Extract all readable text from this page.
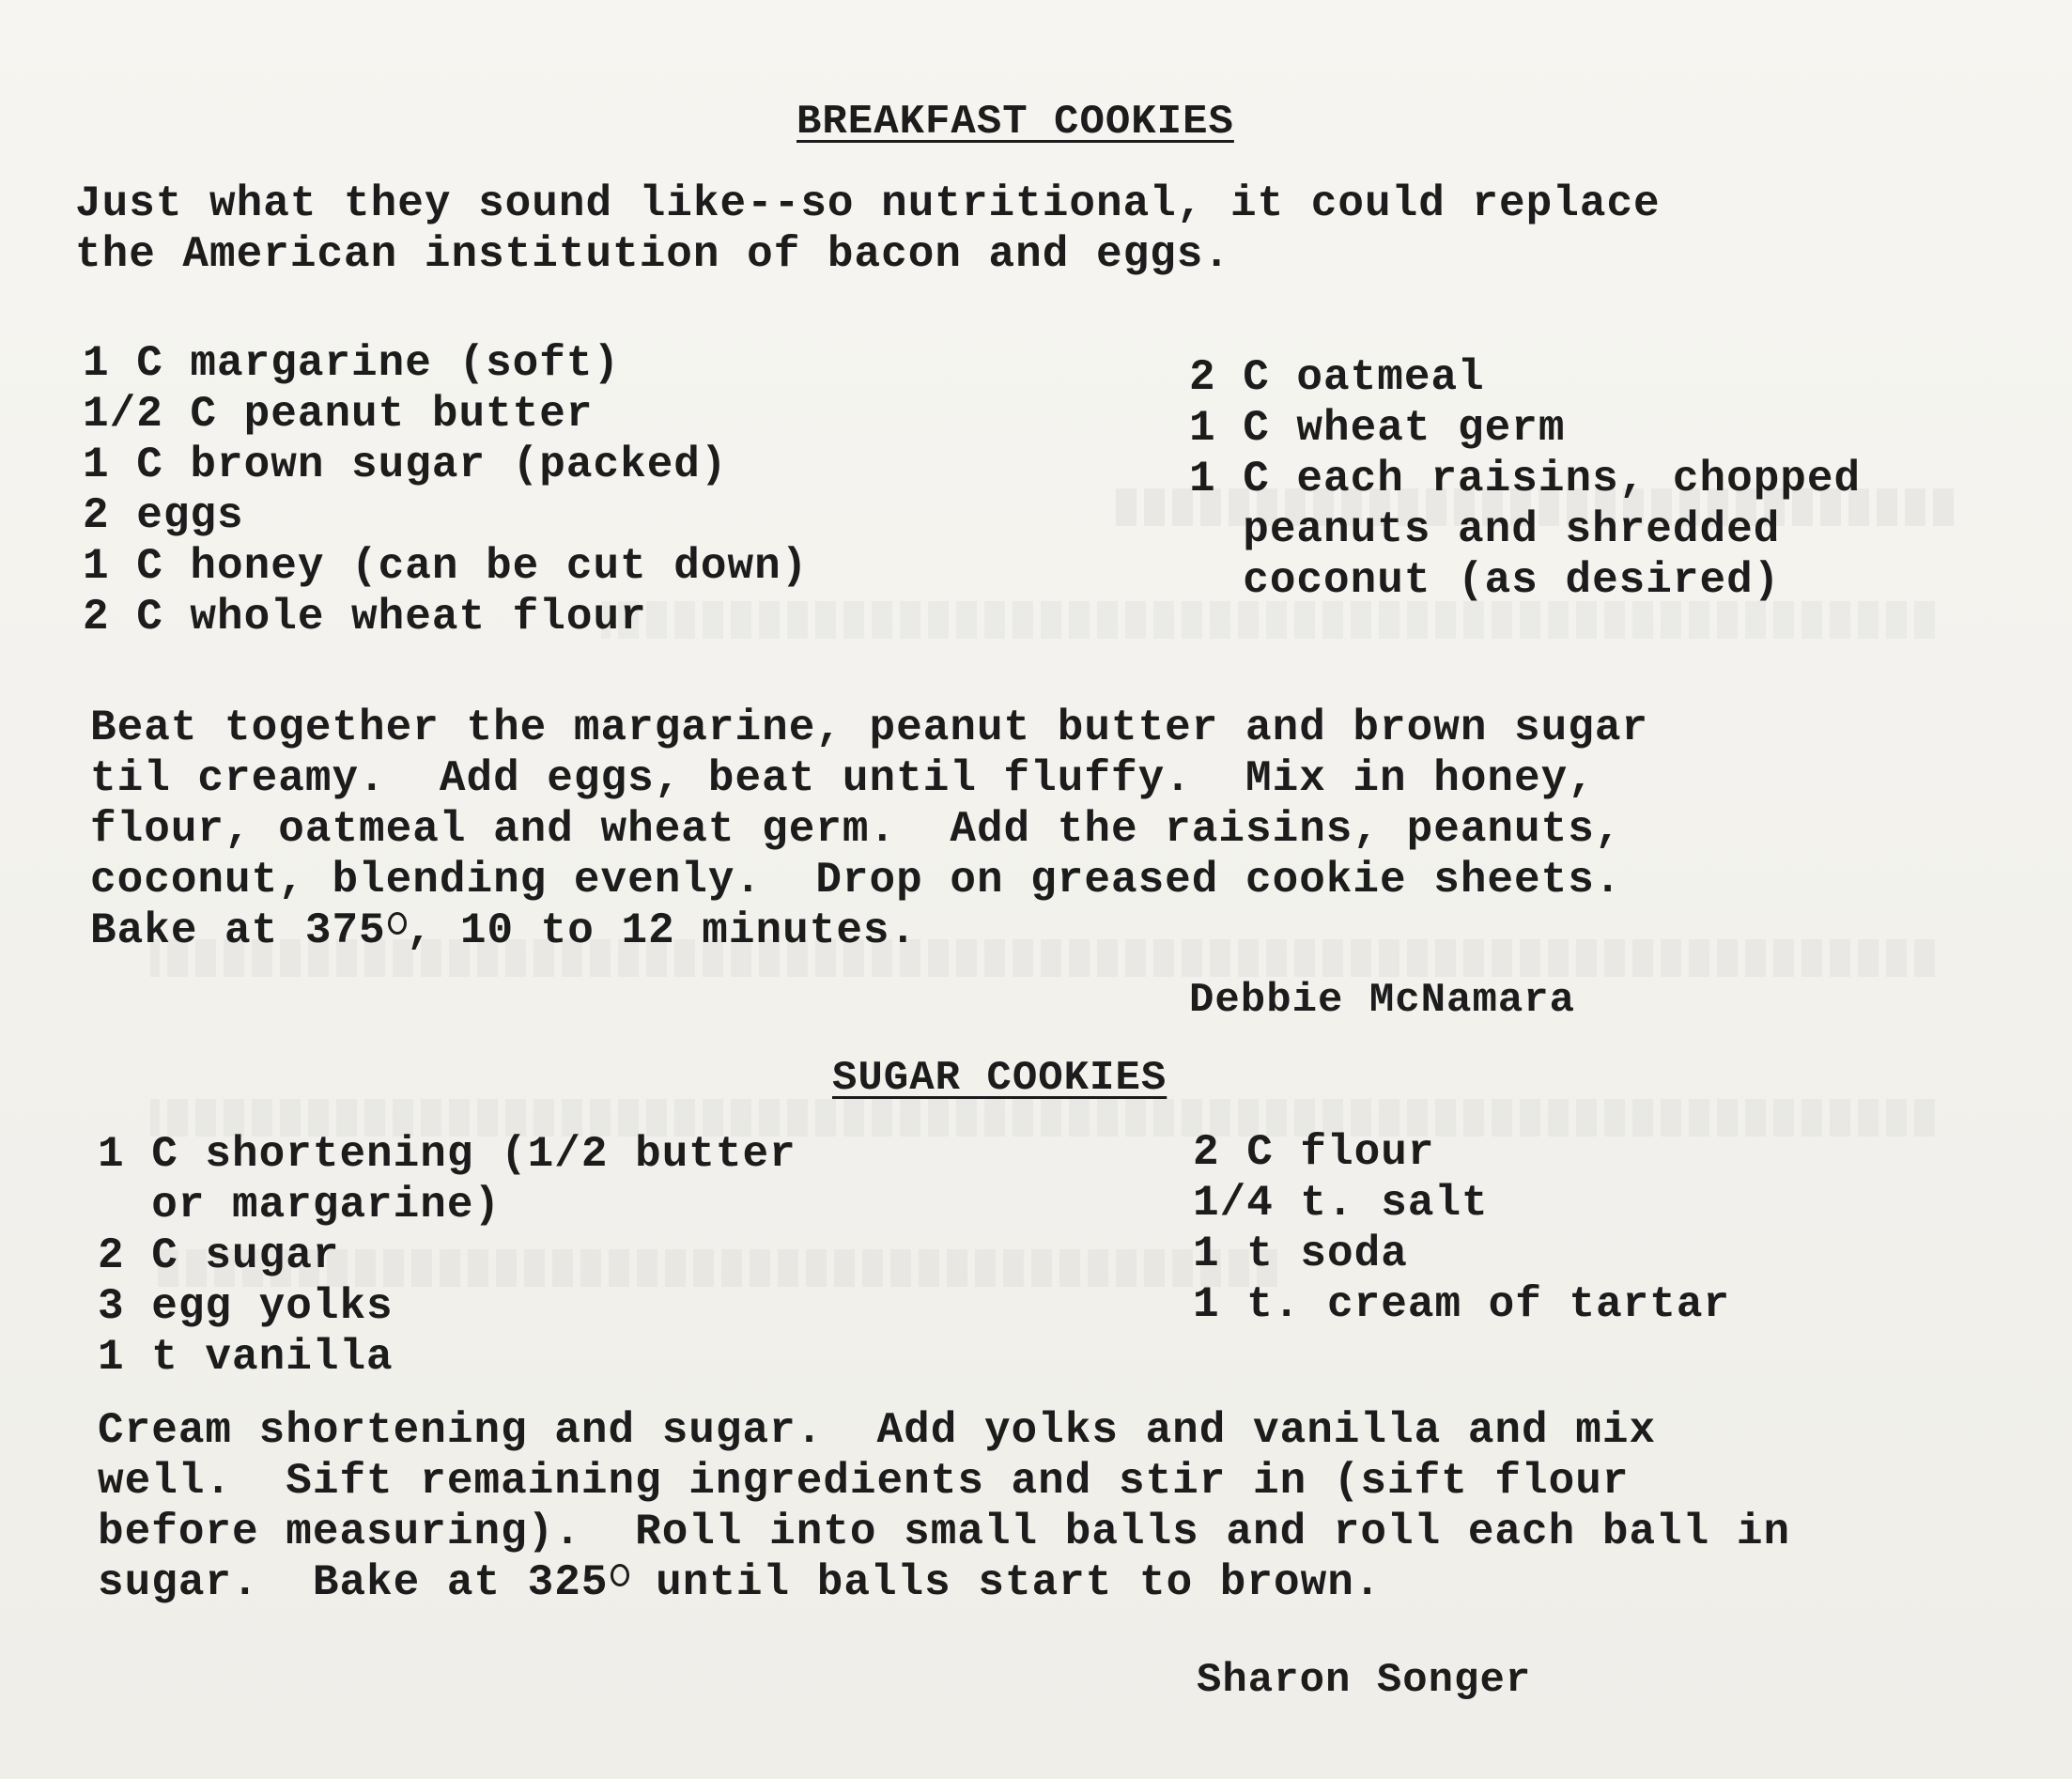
BREAKFAST COOKIES
Just what they sound like--so nutritional, it could replace
the American institution of bacon and eggs.
1 C margarine (soft)
1/2 C peanut butter
1 C brown sugar (packed)
2 eggs
1 C honey (can be cut down)
2 C whole wheat flour
2 C oatmeal
1 C wheat germ
1 C each raisins, chopped
peanuts and shredded
coconut (as desired)
Beat together the margarine, peanut butter and brown sugar
til creamy.  Add eggs, beat until fluffy.  Mix in honey,
flour, oatmeal and wheat germ.  Add the raisins, peanuts,
coconut, blending evenly.  Drop on greased cookie sheets.
Bake at 375 , 10 to 12 minutes.
Debbie McNamara
SUGAR COOKIES
1 C shortening (1/2 butter
or margarine)
2 C sugar
3 egg yolks
1 t vanilla
2 C flour
1/4 t. salt
1 t soda
1 t. cream of tartar
Cream shortening and sugar.  Add yolks and vanilla and mix
well.  Sift remaining ingredients and stir in (sift flour
before measuring).  Roll into small balls and roll each ball in
sugar.  Bake at 325 until balls start to brown.
Sharon Songer
